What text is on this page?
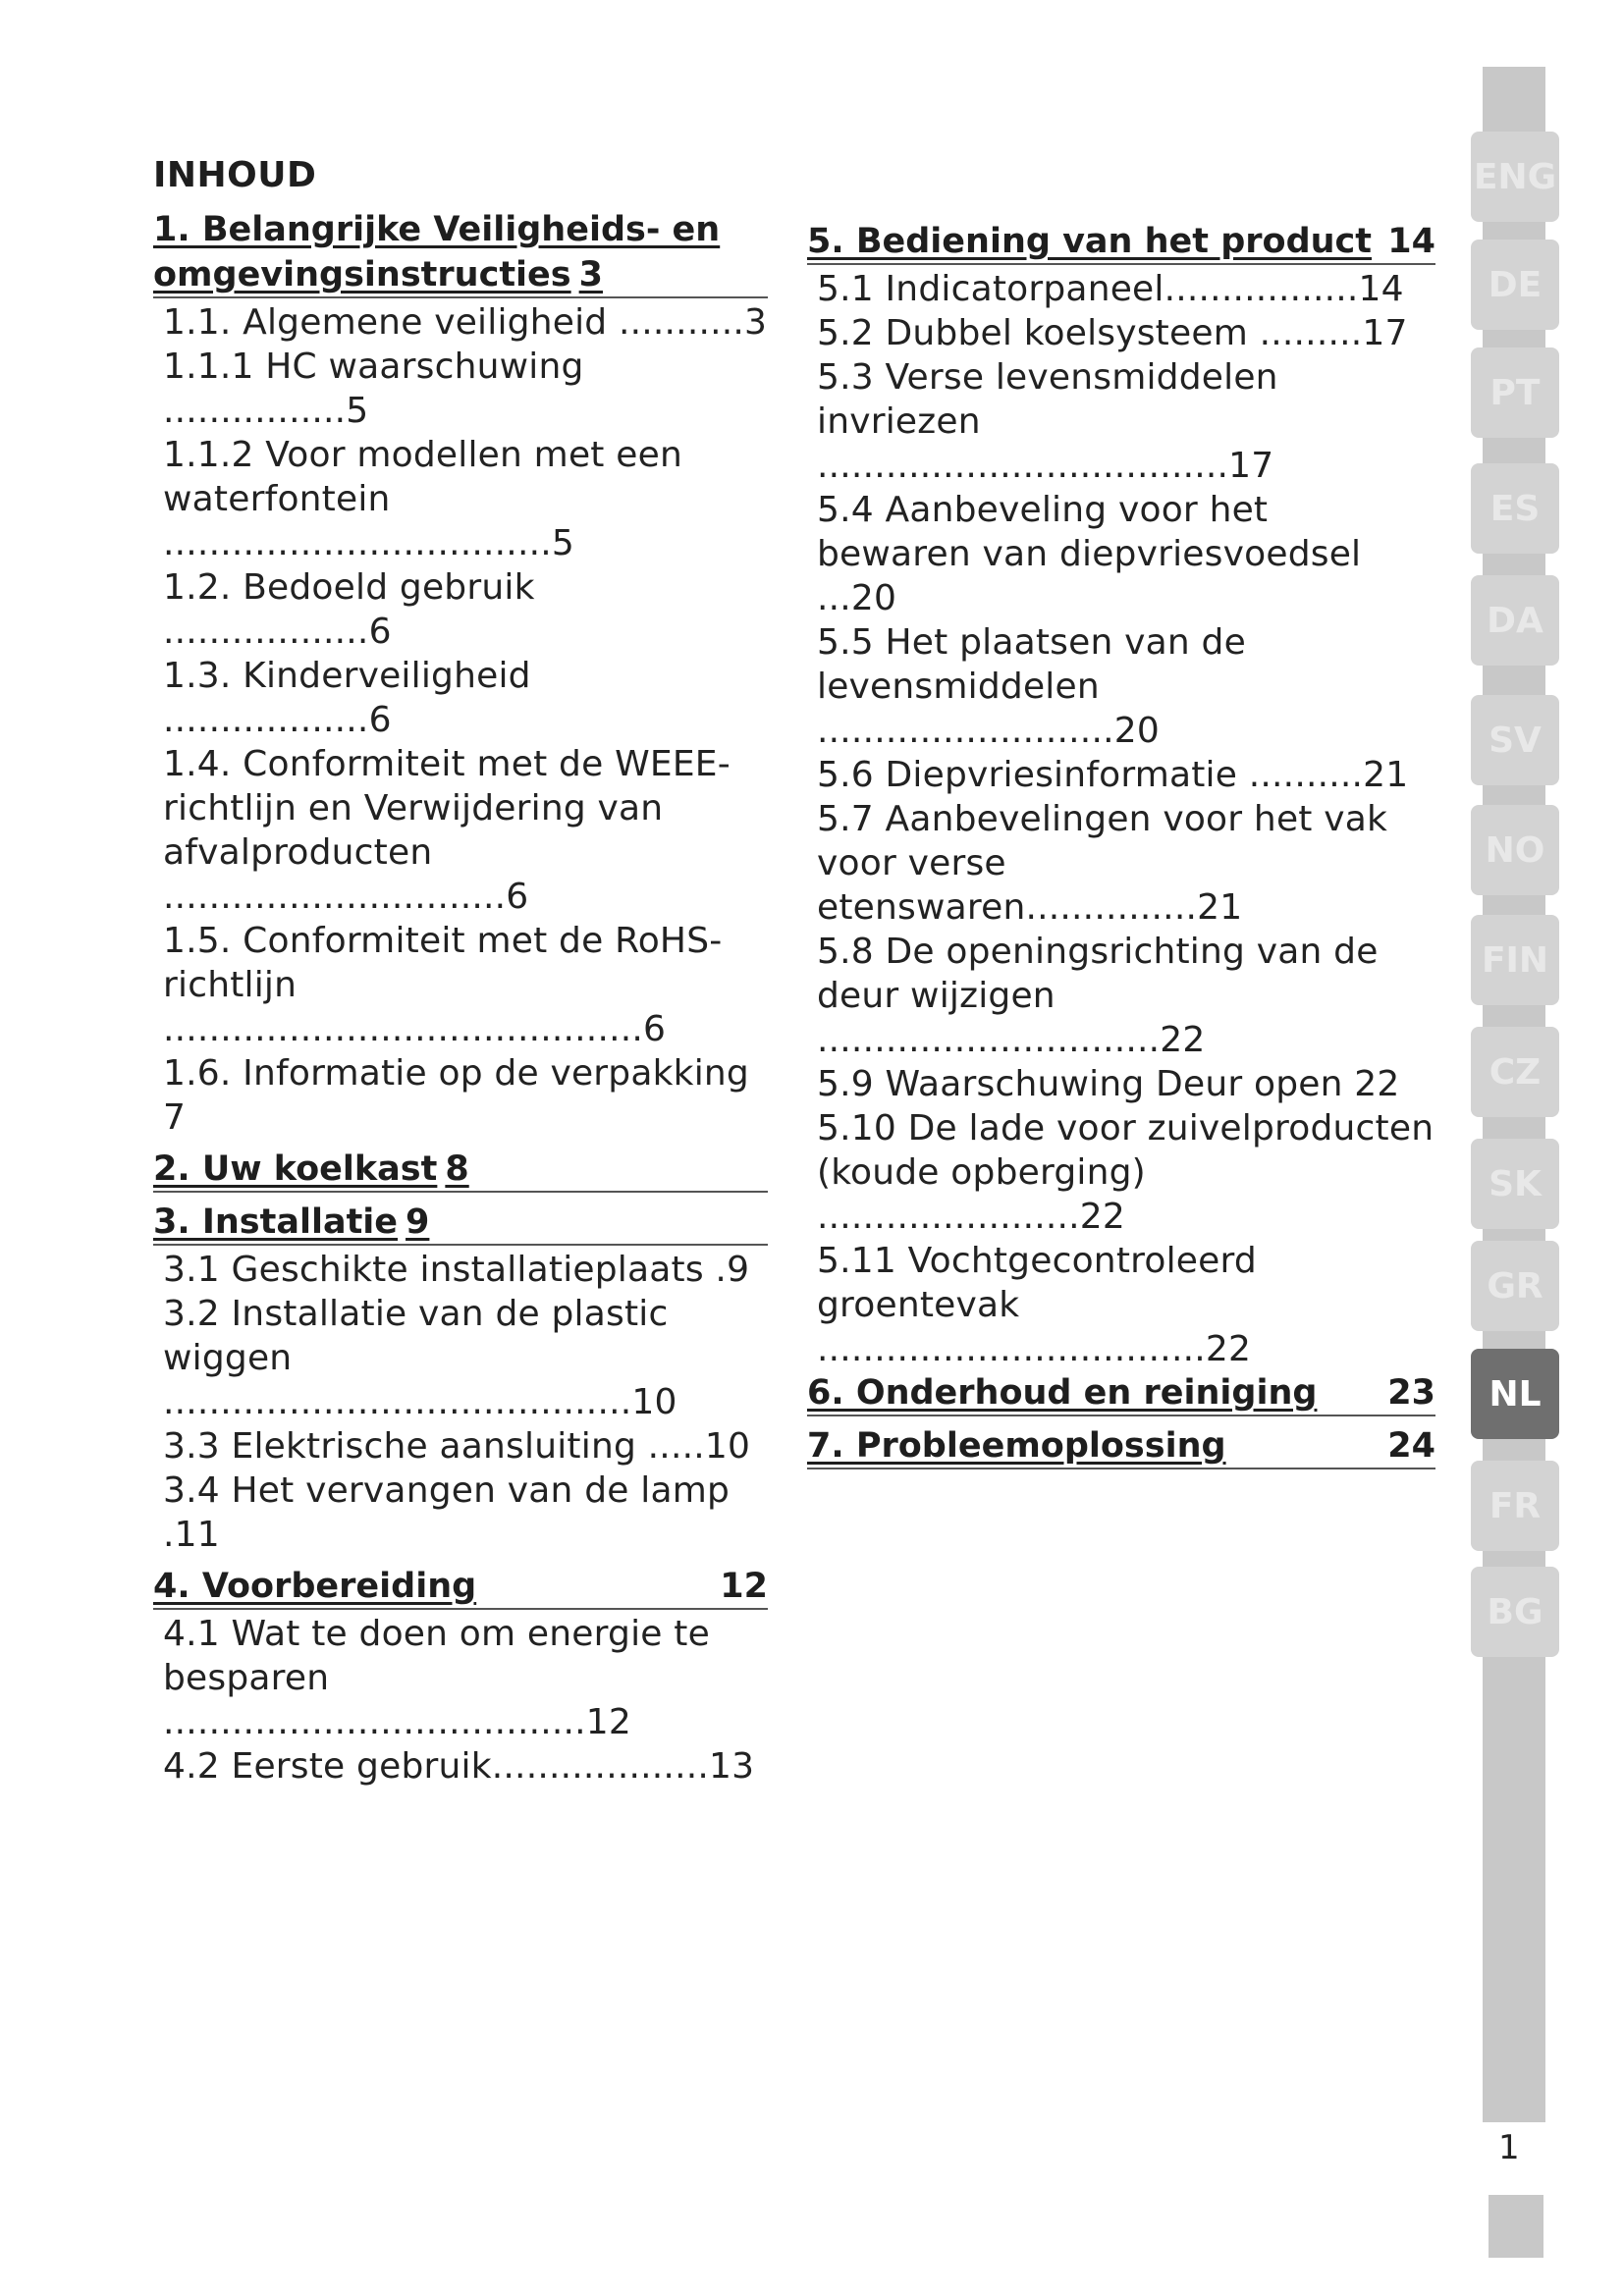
INHOUD
1. Belangrijke Veiligheids- en
omgevingsinstructies 3
1.1. Algemene veiligheid ...........3
1.1.1 HC waarschuwing ................5
1.1.2 Voor modellen met een
waterfontein ..................................5
1.2. Bedoeld gebruik ..................6
1.3. Kinderveiligheid ..................6
1.4. Conformiteit met de WEEE-
richtlijn en Verwijdering van
afvalproducten ..............................6
1.5. Conformiteit met de RoHS-
richtlijn ..........................................6
1.6. Informatie op de verpakking 7
2. Uw koelkast 8
3. Installatie 9
3.1 Geschikte installatieplaats .9
3.2 Installatie van de plastic
wiggen .........................................10
3.3 Elektrische aansluiting .....10
3.4 Het vervangen van de lamp .11
4. Voorbereiding	12
4.1 Wat te doen om energie te
besparen .....................................12
4.2 Eerste gebruik...................13
5. Bediening van het product 14
5.1 Indicatorpaneel.................14
5.2 Dubbel koelsysteem .........17
5.3 Verse levensmiddelen
invriezen ....................................17
5.4 Aanbeveling voor het
bewaren van diepvriesvoedsel ...20
5.5 Het plaatsen van de
levensmiddelen ..........................20
5.6 Diepvriesinformatie ..........21
5.7 Aanbevelingen voor het vak
voor verse etenswaren...............21
5.8 De openingsrichting van de
deur wijzigen ..............................22
5.9 Waarschuwing Deur open 22
5.10 De lade voor zuivelproducten
(koude opberging) .......................22
5.11 Vochtgecontroleerd
groentevak ..................................22
6. Onderhoud en reiniging 23
7. Probleemoplossing	24
ENG
DE
PT
ES
DA
SV
NO
FIN
CZ
SK
GR
NL
FR
BG
1
